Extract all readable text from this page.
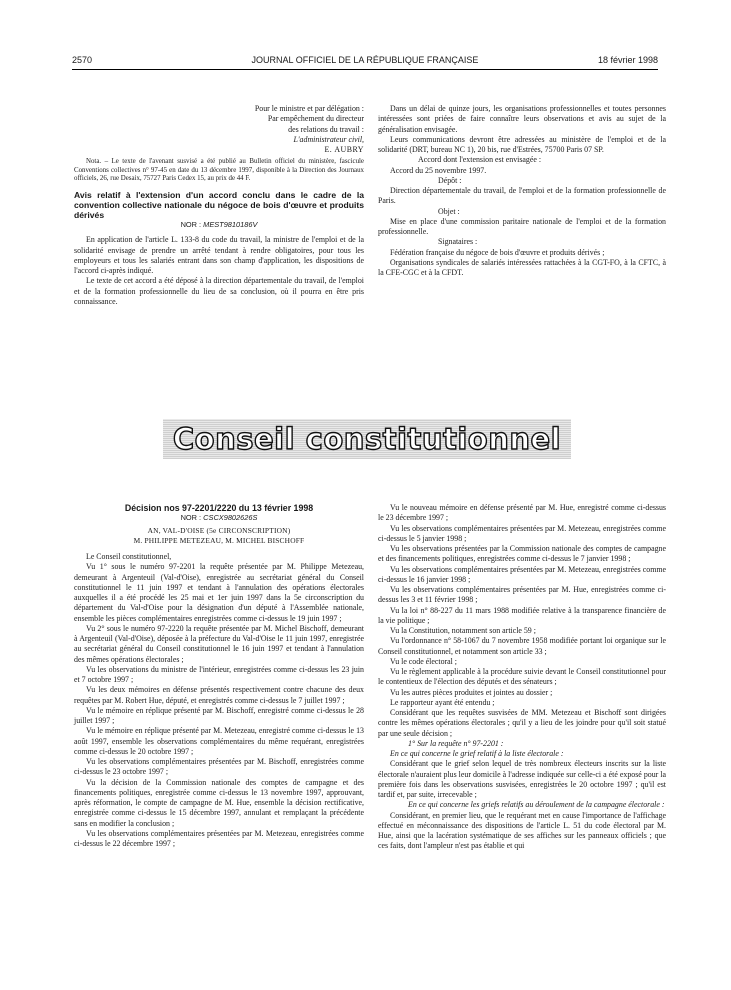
2570	JOURNAL OFFICIEL DE LA RÉPUBLIQUE FRANÇAISE	18 février 1998
Pour le ministre et par délégation :
Par empêchement du directeur
des relations du travail :
L'administrateur civil,
E. AUBRY

Nota. – Le texte de l'avenant susvisé a été publié au Bulletin officiel du ministère, fascicule Conventions collectives n° 97-45 en date du 13 décembre 1997, disponible à la Direction des Journaux officiels, 26, rue Desaix, 75727 Paris Cedex 15, au prix de 44 F.

Avis relatif à l'extension d'un accord conclu dans le cadre de la convention collective nationale du négoce de bois d'œuvre et produits dérivés

NOR : MEST9810186V

En application de l'article L. 133-8 du code du travail, la ministre de l'emploi et de la solidarité envisage de prendre un arrêté tendant à rendre obligatoires, pour tous les employeurs et tous les salariés entrant dans son champ d'application, les dispositions de l'accord ci-après indiqué.

Le texte de cet accord a été déposé à la direction départementale du travail, de l'emploi et de la formation professionnelle du lieu de sa conclusion, où il pourra en être pris connaissance.

Dans un délai de quinze jours, les organisations professionnelles et toutes personnes intéressées sont priées de faire connaître leurs observations et avis au sujet de la généralisation envisagée.

Leurs communications devront être adressées au ministère de l'emploi et de la solidarité (DRT, bureau NC 1), 20 bis, rue d'Estrées, 75700 Paris 07 SP.

Accord dont l'extension est envisagée :

Accord du 25 novembre 1997.

Dépôt :

Direction départementale du travail, de l'emploi et de la formation professionnelle de Paris.

Objet :

Mise en place d'une commission paritaire nationale de l'emploi et de la formation professionnelle.

Signataires :

Fédération française du négoce de bois d'œuvre et produits dérivés ;

Organisations syndicales de salariés intéressées rattachées à la CGT-FO, à la CFTC, à la CFE-CGC et à la CFDT.

Conseil constitutionnel

Décision nos 97-2201/2220 du 13 février 1998

NOR : CSCX9802626S

AN, VAL-D'OISE (5e CIRCONSCRIPTION)

M. PHILIPPE METEZEAU, M. MICHEL BISCHOFF

Le Conseil constitutionnel,

Vu 1° sous le numéro 97-2201 la requête présentée par M. Philippe Metezeau, demeurant à Argenteuil (Val-d'Oise), enregistrée au secrétariat général du Conseil constitutionnel le 11 juin 1997 et tendant à l'annulation des opérations électorales auxquelles il a été procédé les 25 mai et 1er juin 1997 dans la 5e circonscription du département du Val-d'Oise pour la désignation d'un député à l'Assemblée nationale, ensemble les pièces complémentaires enregistrées comme ci-dessus le 19 juin 1997 ;

Vu 2° sous le numéro 97-2220 la requête présentée par M. Michel Bischoff, demeurant à Argenteuil (Val-d'Oise), déposée à la préfecture du Val-d'Oise le 11 juin 1997, enregistrée au secrétariat général du Conseil constitutionnel le 16 juin 1997 et tendant à l'annulation des mêmes opérations électorales ;

Vu les observations du ministre de l'intérieur, enregistrées comme ci-dessus les 23 juin et 7 octobre 1997 ;

Vu les deux mémoires en défense présentés respectivement contre chacune des deux requêtes par M. Robert Hue, député, et enregistrés comme ci-dessus le 7 juillet 1997 ;

Vu le mémoire en réplique présenté par M. Bischoff, enregistré comme ci-dessus le 28 juillet 1997 ;

Vu le mémoire en réplique présenté par M. Metezeau, enregistré comme ci-dessus le 13 août 1997, ensemble les observations complémentaires du même requérant, enregistrées comme ci-dessus le 20 octobre 1997 ;

Vu les observations complémentaires présentées par M. Bischoff, enregistrées comme ci-dessus le 23 octobre 1997 ;

Vu la décision de la Commission nationale des comptes de campagne et des financements politiques, enregistrée comme ci-dessus le 13 novembre 1997, approuvant, après réformation, le compte de campagne de M. Hue, ensemble la décision rectificative, enregistrée comme ci-dessus le 15 décembre 1997, annulant et remplaçant la précédente sans en modifier la conclusion ;

Vu les observations complémentaires présentées par M. Metezeau, enregistrées comme ci-dessus le 22 décembre 1997 ;

Vu le nouveau mémoire en défense présenté par M. Hue, enregistré comme ci-dessus le 23 décembre 1997 ;

Vu les observations complémentaires présentées par M. Metezeau, enregistrées comme ci-dessus le 5 janvier 1998 ;

Vu les observations présentées par la Commission nationale des comptes de campagne et des financements politiques, enregistrées comme ci-dessus le 7 janvier 1998 ;

Vu les observations complémentaires présentées par M. Metezeau, enregistrées comme ci-dessus le 16 janvier 1998 ;

Vu les observations complémentaires présentées par M. Hue, enregistrées comme ci-dessus les 3 et 11 février 1998 ;

Vu la loi n° 88-227 du 11 mars 1988 modifiée relative à la transparence financière de la vie politique ;

Vu la Constitution, notamment son article 59 ;

Vu l'ordonnance n° 58-1067 du 7 novembre 1958 modifiée portant loi organique sur le Conseil constitutionnel, et notamment son article 33 ;

Vu le code électoral ;

Vu le règlement applicable à la procédure suivie devant le Conseil constitutionnel pour le contentieux de l'élection des députés et des sénateurs ;

Vu les autres pièces produites et jointes au dossier ;

Le rapporteur ayant été entendu ;

Considérant que les requêtes susvisées de MM. Metezeau et Bischoff sont dirigées contre les mêmes opérations électorales ; qu'il y a lieu de les joindre pour qu'il soit statué par une seule décision ;

1° Sur la requête n° 97-2201 :

En ce qui concerne le grief relatif à la liste électorale :

Considérant que le grief selon lequel de très nombreux électeurs inscrits sur la liste électorale n'auraient plus leur domicile à l'adresse indiquée sur celle-ci a été exposé pour la première fois dans les observations susvisées, enregistrées le 20 octobre 1997 ; qu'il est tardif et, par suite, irrecevable ;

En ce qui concerne les griefs relatifs au déroulement de la campagne électorale :

Considérant, en premier lieu, que le requérant met en cause l'importance de l'affichage effectué en méconnaissance des dispositions de l'article L. 51 du code électoral par M. Hue, ainsi que la lacération systématique de ses affiches sur les panneaux officiels ; que ces faits, dont l'ampleur n'est pas établie et qui
